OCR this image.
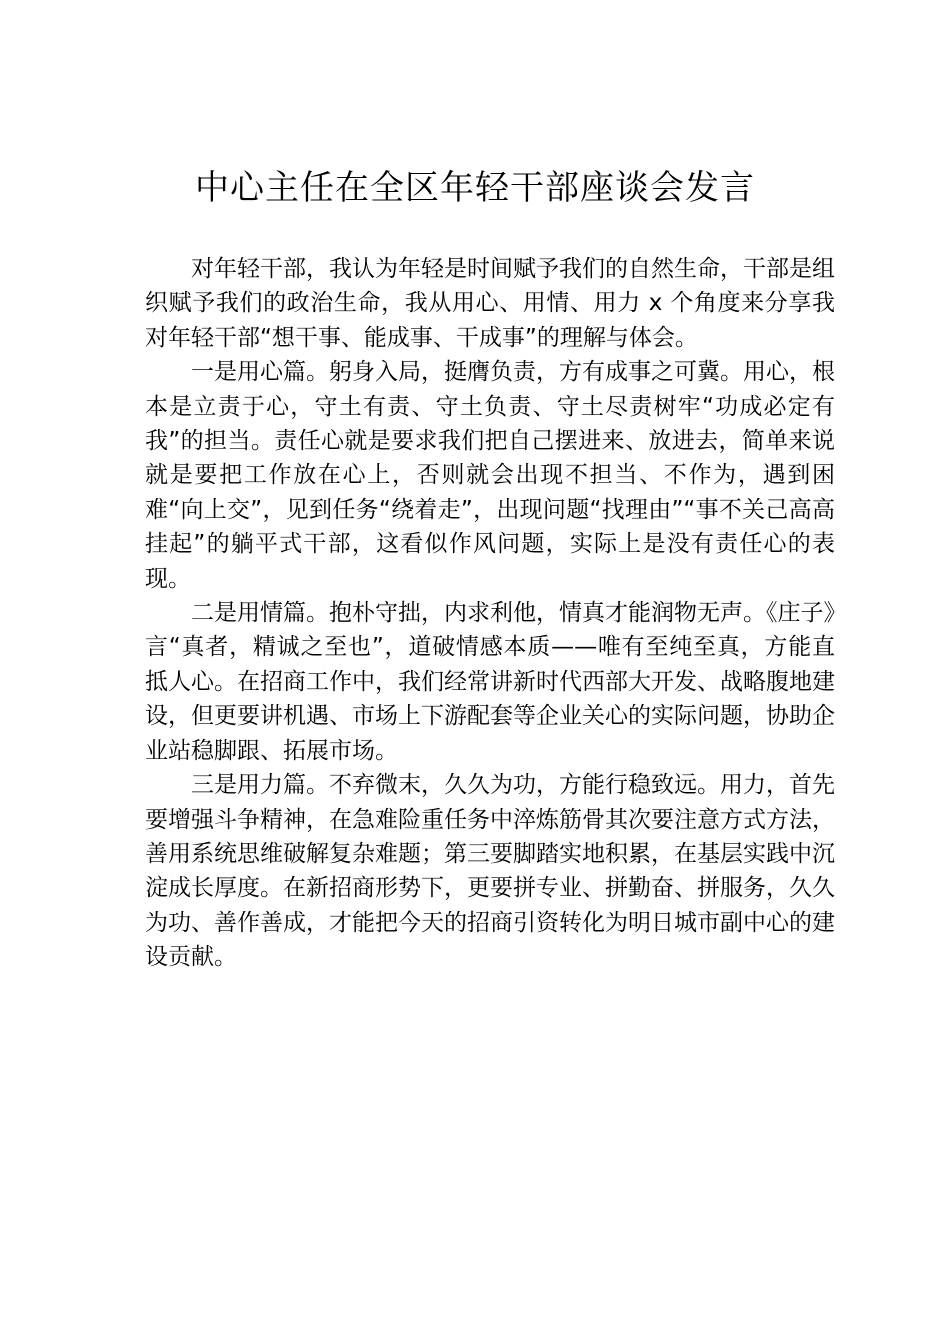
中心主任在全区年轻干部座谈会发言

对年轻干部，我认为年轻是时间赋予我们的自然生命，干部是组织赋予我们的政治生命，我从用心、用情、用力 x 个角度来分享我对年轻干部“想干事、能成事、干成事”的理解与体会。

一是用心篇。躬身入局，挺膺负责，方有成事之可冀。用心，根本是立责于心，守土有责、守土负责、守土尽责树牢“功成必定有我”的担当。责任心就是要求我们把自己摆进来、放进去，简单来说就是要把工作放在心上，否则就会出现不担当、不作为，遇到困难“向上交”，见到任务“绕着走”，出现问题“找理由”“事不关己高高挂起”的躺平式干部，这看似作风问题，实际上是没有责任心的表现。

二是用情篇。抱朴守拙，内求利他，情真才能润物无声。《庄子》言“真者，精诚之至也”，道破情感本质——唯有至纯至真，方能直抵人心。在招商工作中，我们经常讲新时代西部大开发、战略腹地建设，但更要讲机遇、市场上下游配套等企业关心的实际问题，协助企业站稳脚跟、拓展市场。

三是用力篇。不弃微末，久久为功，方能行稳致远。用力，首先要增强斗争精神，在急难险重任务中淬炼筋骨其次要注意方式方法，善用系统思维破解复杂难题；第三要脚踏实地积累，在基层实践中沉淀成长厚度。在新招商形势下，更要拼专业、拼勤奋、拼服务，久久为功、善作善成，才能把今天的招商引资转化为明日城市副中心的建设贡献。
